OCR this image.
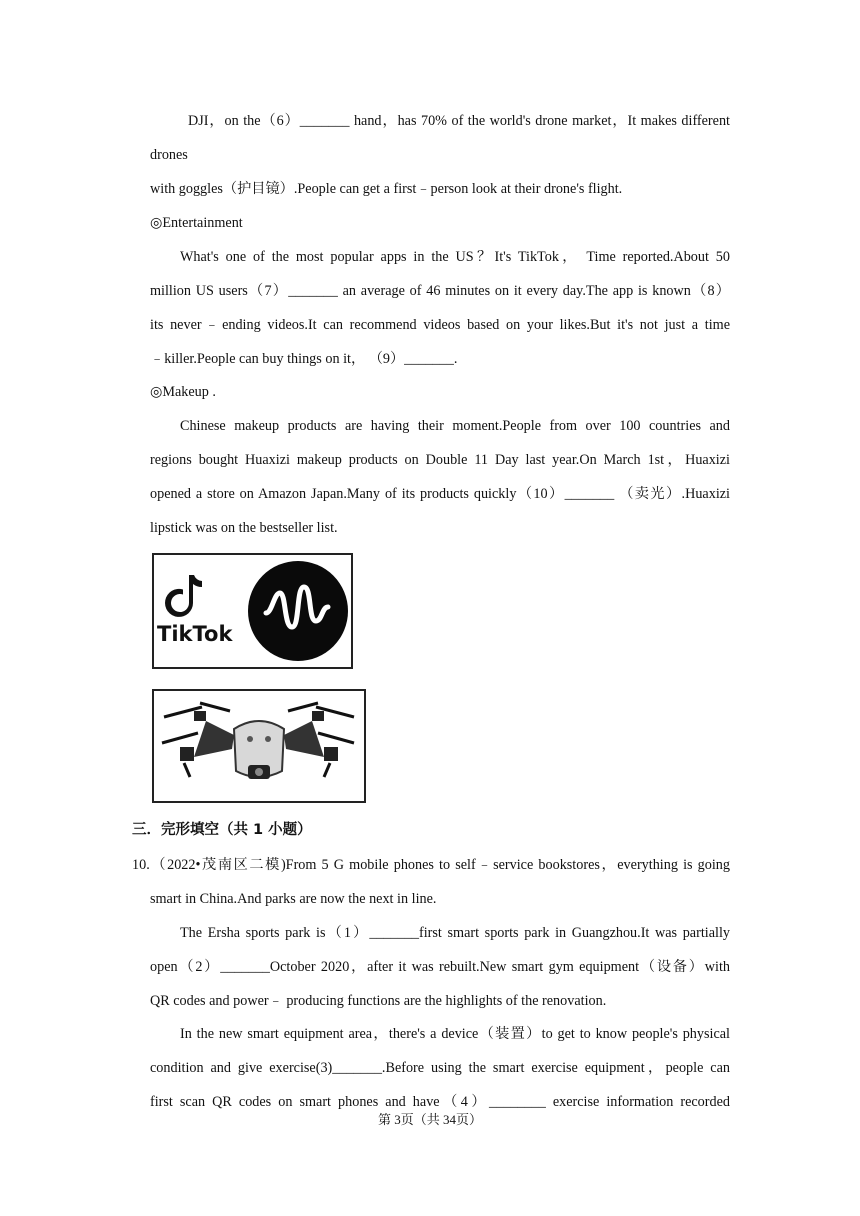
DJI，on the（6）_______ hand，has 70% of the world's drone market，It makes different
drones
with goggles（护目镜）.People can get a first﹣person look at their drone's flight.
◎Entertainment
What's one of the most popular apps in the US？It's TikTok， Time reported.About 50
million US users（7）_______ an average of 46 minutes on it every day.The app is known（8）
its never﹣ending videos.It can recommend videos based on your likes.But it's not just a time
﹣killer.People can buy things on it， （9）_______.
◎Makeup .
Chinese makeup products are having their moment.People from over 100 countries and
regions bought Huaxizi makeup products on Double 11 Day last year.On March 1st，Huaxizi
opened a store on Amazon Japan.Many of its products quickly（10）_______ （卖光）.Huaxizi
lipstick was on the bestseller list.
TikTok
三．完形填空（共 1 小题）
10.（2022•茂南区二模)From 5 G mobile phones to self﹣service bookstores，everything is going
smart in China.And parks are now the next in line.
The Ersha sports park is（1）_______first smart sports park in Guangzhou.It was partially
open（2）_______October 2020，after it was rebuilt.New smart gym equipment（设备）with
QR codes and power﹣ producing functions are the highlights of the renovation.
In the new smart equipment area，there's a device（装置）to get to know people's physical
condition and give exercise(3)_______.Before using the smart exercise equipment，people can
first scan QR codes on smart phones and have（4）________ exercise information recorded
第 3页（共 34页）
